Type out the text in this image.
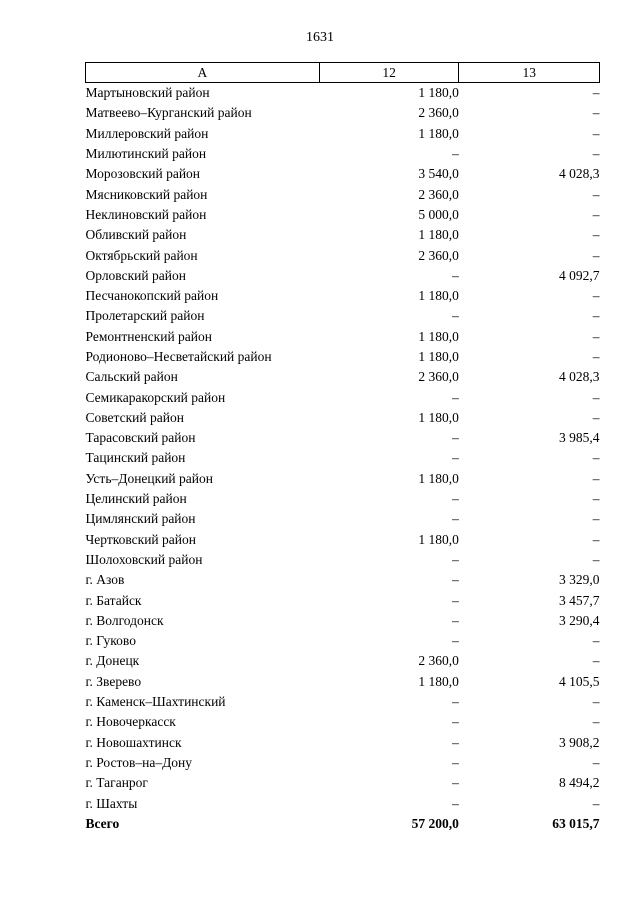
1631
А	12	13
Мартыновский район	1 180,0	–
Матвеево–Курганский район	2 360,0	–
Миллеровский район	1 180,0	–
Милютинский район	–	–
Морозовский район	3 540,0	4 028,3
Мясниковский район	2 360,0	–
Неклиновский район	5 000,0	–
Обливский район	1 180,0	–
Октябрьский район	2 360,0	–
Орловский район	–	4 092,7
Песчанокопский район	1 180,0	–
Пролетарский район	–	–
Ремонтненский район	1 180,0	–
Родионово–Несветайский район	1 180,0	–
Сальский район	2 360,0	4 028,3
Семикаракорский район	–	–
Советский район	1 180,0	–
Тарасовский район	–	3 985,4
Тацинский район	–	–
Усть–Донецкий район	1 180,0	–
Целинский район	–	–
Цимлянский район	–	–
Чертковский район	1 180,0	–
Шолоховский район	–	–
г. Азов	–	3 329,0
г. Батайск	–	3 457,7
г. Волгодонск	–	3 290,4
г. Гуково	–	–
г. Донецк	2 360,0	–
г. Зверево	1 180,0	4 105,5
г. Каменск–Шахтинский	–	–
г. Новочеркасск	–	–
г. Новошахтинск	–	3 908,2
г. Ростов–на–Дону	–	–
г. Таганрог	–	8 494,2
г. Шахты	–	–
Всего	57 200,0	63 015,7
